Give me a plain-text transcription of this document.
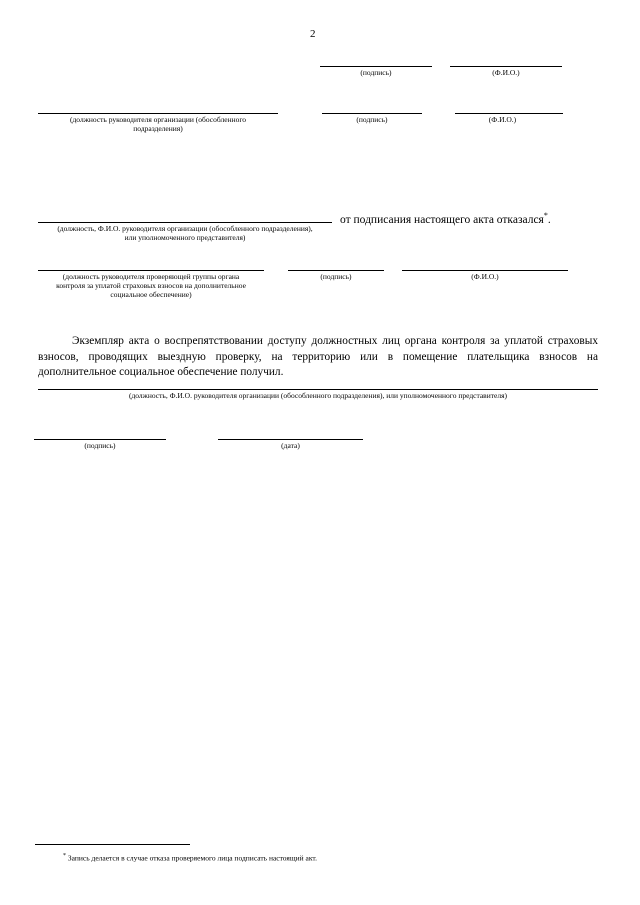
2
(подпись)	(Ф.И.О.)
(должность руководителя организации (обособленного
подразделения)
(подпись)	(Ф.И.О.)
от подписания настоящего акта отказался*.
(должность, Ф.И.О. руководителя организации (обособленного подразделения),
или уполномоченного представителя)
(должность руководителя проверяющей группы органа
контроля за уплатой страховых взносов на дополнительное
социальное обеспечение)
(подпись)	(Ф.И.О.)
Экземпляр акта о воспрепятствовании доступу должностных лиц органа контроля за уплатой страховых взносов, проводящих выездную проверку, на территорию или в помещение плательщика взносов на дополнительное социальное обеспечение получил.
(должность, Ф.И.О. руководителя организации (обособленного подразделения), или уполномоченного представителя)
(подпись)	(дата)
* Запись делается в случае отказа проверяемого лица подписать настоящий акт.
